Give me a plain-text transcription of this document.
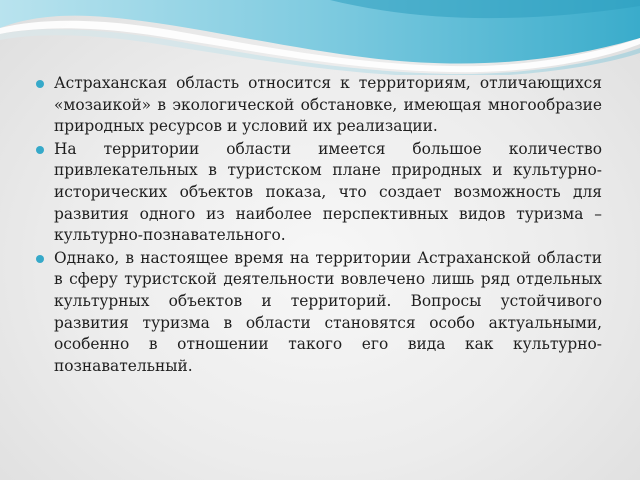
Астраханская область относится к территориям, отличающихся «мозаикой» в экологической обстановке, имеющая многообразие природных ресурсов и условий их реализации.
На территории области имеется большое количество привлекательных в туристском плане природных и культурно-исторических объектов показа, что создает возможность для развития одного из наиболее перспективных видов туризма – культурно-познавательного.
Однако, в настоящее время на территории Астраханской области в сферу туристской деятельности вовлечено лишь ряд отдельных культурных объектов и территорий. Вопросы устойчивого развития туризма в области становятся особо актуальными, особенно в отношении такого его вида как культурно-познавательный.
